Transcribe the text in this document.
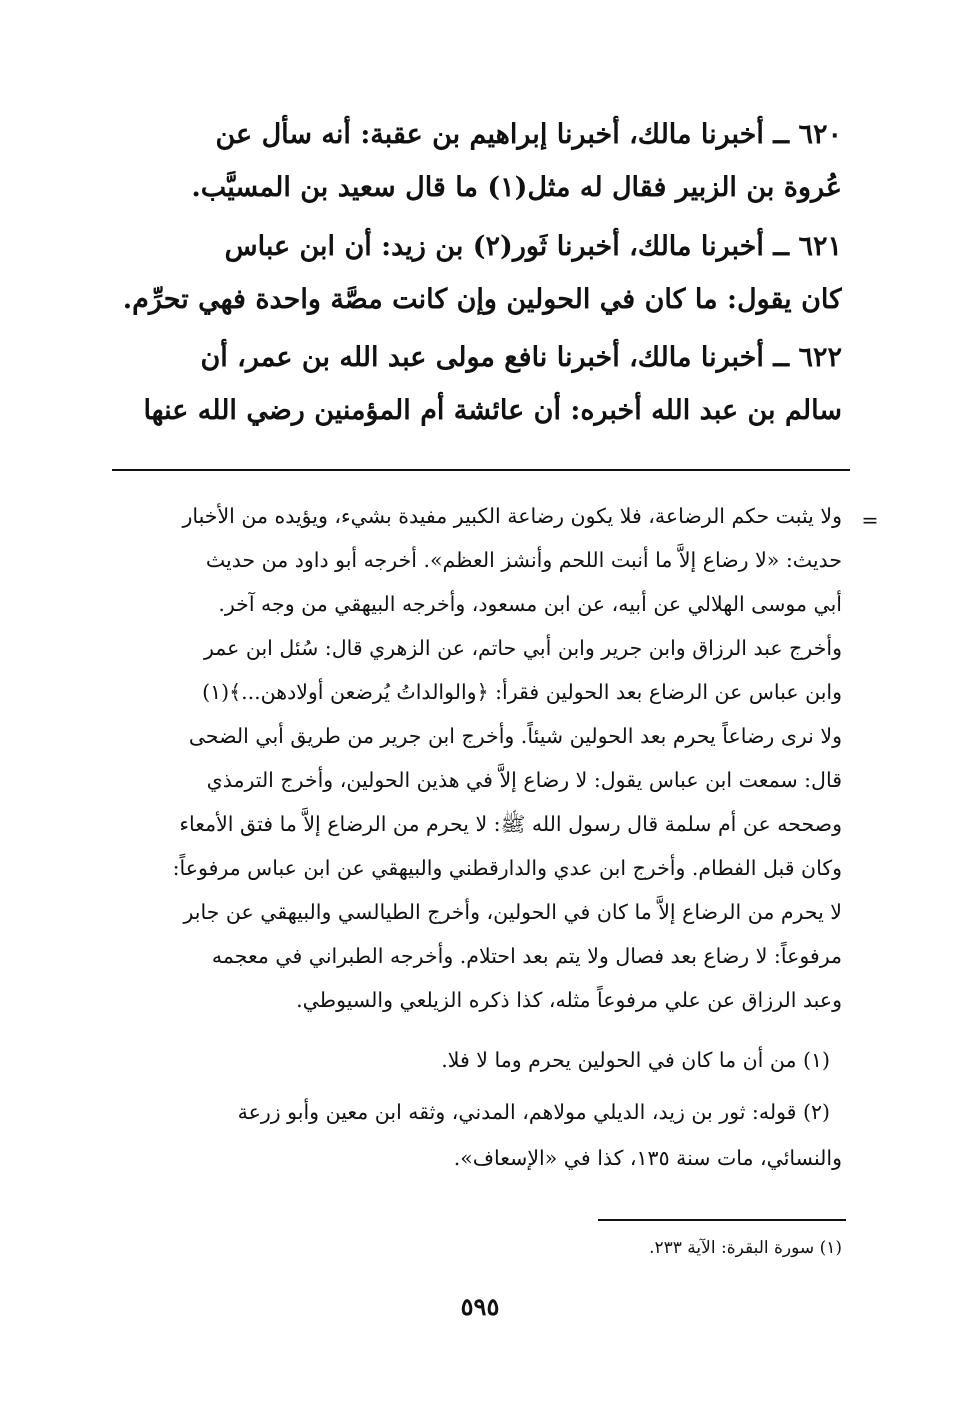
٦٢٠ ــ أخبرنا مالك، أخبرنا إبراهيم بن عقبة: أنه سأل عن
عُروة بن الزبير فقال له مثل(١) ما قال سعيد بن المسيَّب.
٦٢١ ــ أخبرنا مالك، أخبرنا ثَور(٢) بن زيد: أن ابن عباس
كان يقول: ما كان في الحولين وإن كانت مصَّة واحدة فهي تحرِّم.
٦٢٢ ــ أخبرنا مالك، أخبرنا نافع مولى عبد الله بن عمر، أن
سالم بن عبد الله أخبره: أن عائشة أم المؤمنين رضي الله عنها
=
ولا يثبت حكم الرضاعة، فلا يكون رضاعة الكبير مفيدة بشيء، ويؤيده من الأخبار
حديث: «لا رضاع إلاَّ ما أنبت اللحم وأنشز العظم». أخرجه أبو داود من حديث
أبي موسى الهلالي عن أبيه، عن ابن مسعود، وأخرجه البيهقي من وجه آخر.
وأخرج عبد الرزاق وابن جرير وابن أبي حاتم، عن الزهري قال: سُئل ابن عمر
وابن عباس عن الرضاع بعد الحولين فقرأ: ﴿والوالداتُ يُرضعن أولادهن...﴾(١)
ولا نرى رضاعاً يحرم بعد الحولين شيئاً. وأخرج ابن جرير من طريق أبي الضحى
قال: سمعت ابن عباس يقول: لا رضاع إلاَّ في هذين الحولين، وأخرج الترمذي
وصححه عن أم سلمة قال رسول الله ﷺ: لا يحرم من الرضاع إلاَّ ما فتق الأمعاء
وكان قبل الفطام. وأخرج ابن عدي والدارقطني والبيهقي عن ابن عباس مرفوعاً:
لا يحرم من الرضاع إلاَّ ما كان في الحولين، وأخرج الطيالسي والبيهقي عن جابر
مرفوعاً: لا رضاع بعد فصال ولا يتم بعد احتلام. وأخرجه الطبراني في معجمه
وعبد الرزاق عن علي مرفوعاً مثله، كذا ذكره الزيلعي والسيوطي.
(١) من أن ما كان في الحولين يحرم وما لا فلا.
(٢) قوله: ثور بن زيد، الديلي مولاهم، المدني، وثقه ابن معين وأبو زرعة
والنسائي، مات سنة ١٣٥، كذا في «الإسعاف».
(١) سورة البقرة: الآية ٢٣٣.
٥٩٥
